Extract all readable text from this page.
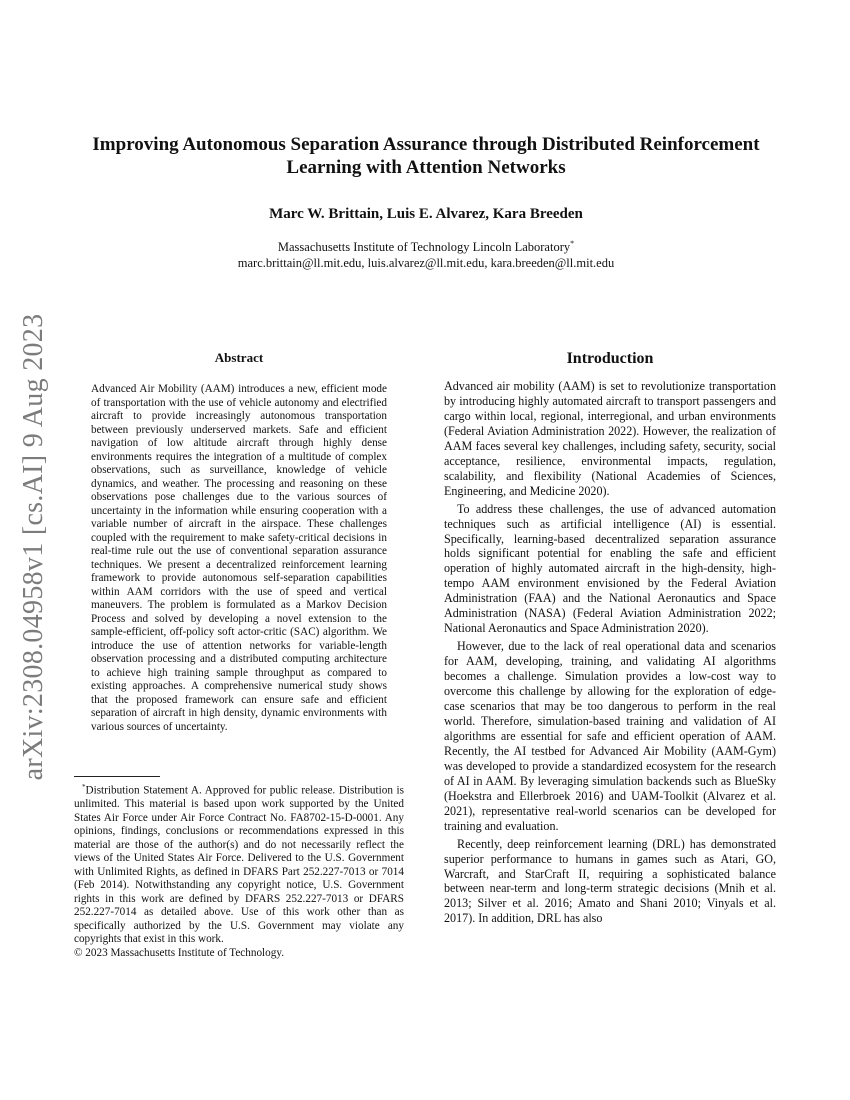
arXiv:2308.04958v1 [cs.AI] 9 Aug 2023
Improving Autonomous Separation Assurance through Distributed Reinforcement Learning with Attention Networks
Marc W. Brittain, Luis E. Alvarez, Kara Breeden
Massachusetts Institute of Technology Lincoln Laboratory*
marc.brittain@ll.mit.edu, luis.alvarez@ll.mit.edu, kara.breeden@ll.mit.edu
Abstract

Advanced Air Mobility (AAM) introduces a new, efficient mode of transportation with the use of vehicle autonomy and electrified aircraft to provide increasingly autonomous transportation between previously underserved markets. Safe and efficient navigation of low altitude aircraft through highly dense environments requires the integration of a multitude of complex observations, such as surveillance, knowledge of vehicle dynamics, and weather. The processing and reasoning on these observations pose challenges due to the various sources of uncertainty in the information while ensuring cooperation with a variable number of aircraft in the airspace. These challenges coupled with the requirement to make safety-critical decisions in real-time rule out the use of conventional separation assurance techniques. We present a decentralized reinforcement learning framework to provide autonomous self-separation capabilities within AAM corridors with the use of speed and vertical maneuvers. The problem is formulated as a Markov Decision Process and solved by developing a novel extension to the sample-efficient, off-policy soft actor-critic (SAC) algorithm. We introduce the use of attention networks for variable-length observation processing and a distributed computing architecture to achieve high training sample throughput as compared to existing approaches. A comprehensive numerical study shows that the proposed framework can ensure safe and efficient separation of aircraft in high density, dynamic environments with various sources of uncertainty.

*Distribution Statement A. Approved for public release. Distribution is unlimited. This material is based upon work supported by the United States Air Force under Air Force Contract No. FA8702-15-D-0001. Any opinions, findings, conclusions or recommendations expressed in this material are those of the author(s) and do not necessarily reflect the views of the United States Air Force. Delivered to the U.S. Government with Unlimited Rights, as defined in DFARS Part 252.227-7013 or 7014 (Feb 2014). Notwithstanding any copyright notice, U.S. Government rights in this work are defined by DFARS 252.227-7013 or DFARS 252.227-7014 as detailed above. Use of this work other than as specifically authorized by the U.S. Government may violate any copyrights that exist in this work.

© 2023 Massachusetts Institute of Technology.

Introduction

Advanced air mobility (AAM) is set to revolutionize transportation by introducing highly automated aircraft to transport passengers and cargo within local, regional, interregional, and urban environments (Federal Aviation Administration 2022). However, the realization of AAM faces several key challenges, including safety, security, social acceptance, resilience, environmental impacts, regulation, scalability, and flexibility (National Academies of Sciences, Engineering, and Medicine 2020).

To address these challenges, the use of advanced automation techniques such as artificial intelligence (AI) is essential. Specifically, learning-based decentralized separation assurance holds significant potential for enabling the safe and efficient operation of highly automated aircraft in the high-density, high-tempo AAM environment envisioned by the Federal Aviation Administration (FAA) and the National Aeronautics and Space Administration (NASA) (Federal Aviation Administration 2022; National Aeronautics and Space Administration 2020).

However, due to the lack of real operational data and scenarios for AAM, developing, training, and validating AI algorithms becomes a challenge. Simulation provides a low-cost way to overcome this challenge by allowing for the exploration of edge-case scenarios that may be too dangerous to perform in the real world. Therefore, simulation-based training and validation of AI algorithms are essential for safe and efficient operation of AAM. Recently, the AI testbed for Advanced Air Mobility (AAM-Gym) was developed to provide a standardized ecosystem for the research of AI in AAM. By leveraging simulation backends such as BlueSky (Hoekstra and Ellerbroek 2016) and UAM-Toolkit (Alvarez et al. 2021), representative real-world scenarios can be developed for training and evaluation.

Recently, deep reinforcement learning (DRL) has demonstrated superior performance to humans in games such as Atari, GO, Warcraft, and StarCraft II, requiring a sophisticated balance between near-term and long-term strategic decisions (Mnih et al. 2013; Silver et al. 2016; Amato and Shani 2010; Vinyals et al. 2017). In addition, DRL has also
